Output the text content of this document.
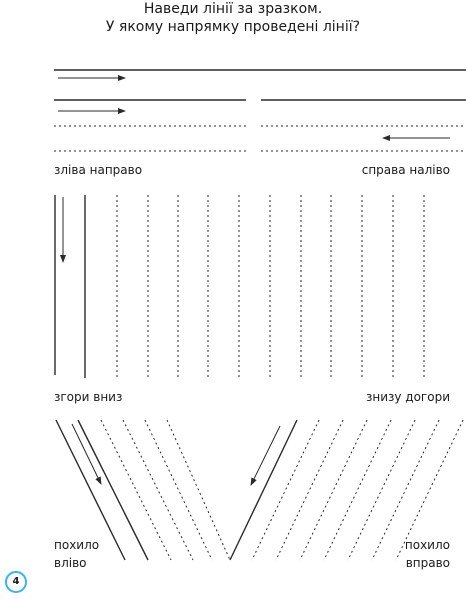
Наведи лінії за зразком.
У якому напрямку проведені лінії?
зліва направо	справа наліво
згори вниз	знизу догори
похило
вліво
похило
вправо
4
